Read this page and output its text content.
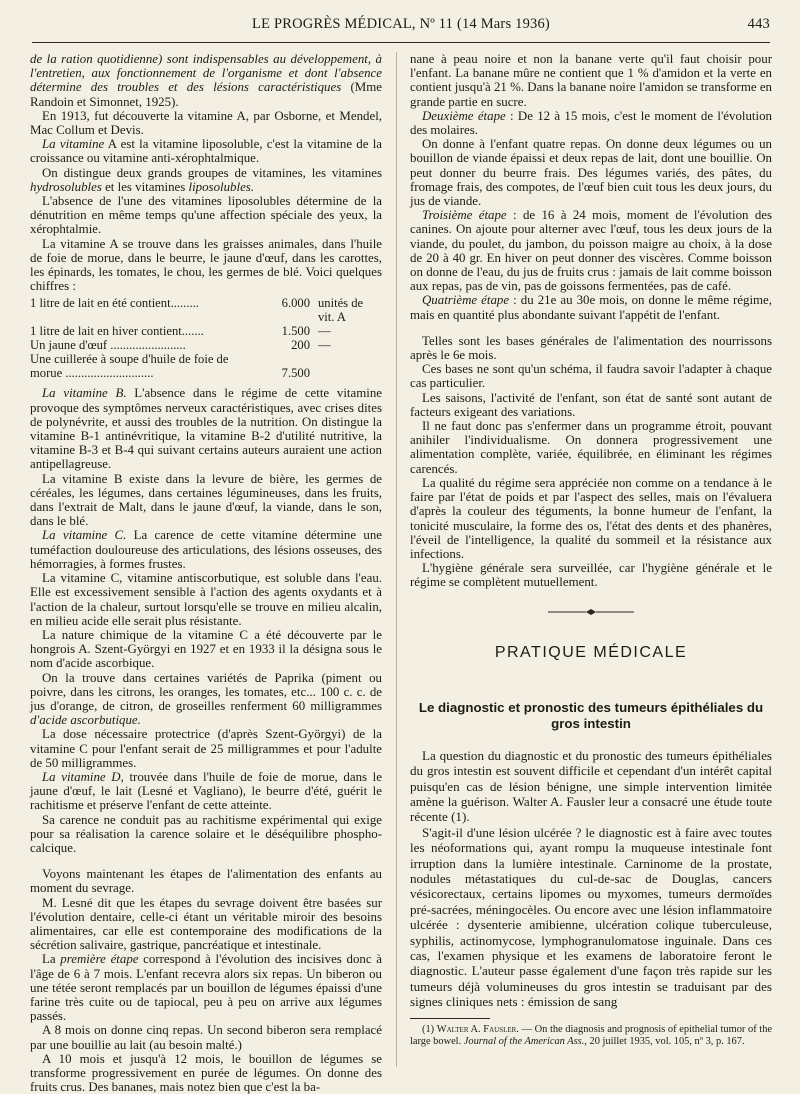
LE PROGRÈS MÉDICAL, Nº 11 (14 Mars 1936)	443

de la ration quotidienne) sont indispensables au développement, à l'entretien, aux fonctionnement de l'organisme et dont l'absence détermine des troubles et des lésions caractéristiques (Mme Randoin et Simonnet, 1925).

En 1913, fut découverte la vitamine A, par Osborne, et Mendel, Mac Collum et Devis.

La vitamine A est la vitamine liposoluble, c'est la vitamine de la croissance ou vitamine anti-xérophtalmique.

On distingue deux grands groupes de vitamines, les vitamines hydrosolubles et les vitamines liposolubles.

L'absence de l'une des vitamines liposolubles détermine de la dénutrition en même temps qu'une affection spéciale des yeux, la xérophtalmie.

La vitamine A se trouve dans les graisses animales, dans l'huile de foie de morue, dans le beurre, le jaune d'œuf, dans les carottes, les épinards, les tomates, le chou, les germes de blé. Voici quelques chiffres :

1 litre de lait en été contient.........	6.000	unités de vit. A
1 litre de lait en hiver contient.......	1.500	—
Un jaune d'œuf ........................	200	—
Une cuillerée à soupe d'huile de foie de morue ............................	7.500	

La vitamine B. L'absence dans le régime de cette vitamine provoque des symptômes nerveux caractéristiques, avec crises dites de polynévrite, et aussi des troubles de la nutrition. On distingue la vitamine B-1 antinévritique, la vitamine B-2 d'utilité nutritive, la vitamine B-3 et B-4 qui suivant certains auteurs auraient une action antipellagreuse.

La vitamine B existe dans la levure de bière, les germes de céréales, les légumes, dans certaines légumineuses, dans les fruits, dans l'extrait de Malt, dans le jaune d'œuf, la viande, dans le son, dans le blé.

La vitamine C. La carence de cette vitamine détermine une tuméfaction douloureuse des articulations, des lésions osseuses, des hémorragies, à formes frustes.

La vitamine C, vitamine antiscorbutique, est soluble dans l'eau. Elle est excessivement sensible à l'action des agents oxydants et à l'action de la chaleur, surtout lorsqu'elle se trouve en milieu alcalin, en milieu acide elle serait plus résistante.

La nature chimique de la vitamine C a été découverte par le hongrois A. Szent-Györgyi en 1927 et en 1933 il la désigna sous le nom d'acide ascorbique.

On la trouve dans certaines variétés de Paprika (piment ou poivre, dans les citrons, les oranges, les tomates, etc... 100 c. c. de jus d'orange, de citron, de groseilles renferment 60 milligrammes d'acide ascorbutique.

La dose nécessaire protectrice (d'après Szent-Györgyi) de la vitamine C pour l'enfant serait de 25 milligrammes et pour l'adulte de 50 milligrammes.

La vitamine D, trouvée dans l'huile de foie de morue, dans le jaune d'œuf, le lait (Lesné et Vagliano), le beurre d'été, guérit le rachitisme et préserve l'enfant de cette atteinte.

Sa carence ne conduit pas au rachitisme expérimental qui exige pour sa réalisation la carence solaire et le déséquilibre phospho-calcique.

Voyons maintenant les étapes de l'alimentation des enfants au moment du sevrage.

M. Lesné dit que les étapes du sevrage doivent être basées sur l'évolution dentaire, celle-ci étant un véritable miroir des besoins alimentaires, car elle est contemporaine des modifications de la sécrétion salivaire, gastrique, pancréatique et intestinale.

La première étape correspond à l'évolution des incisives donc à l'âge de 6 à 7 mois. L'enfant recevra alors six repas. Un biberon ou une tétée seront remplacés par un bouillon de légumes épaissi d'une farine très cuite ou de tapiocal, peu à peu on arrive aux légumes passés.

A 8 mois on donne cinq repas. Un second biberon sera remplacé par une bouillie au lait (au besoin malté.)

A 10 mois et jusqu'à 12 mois, le bouillon de légumes se transforme progressivement en purée de légumes. On donne des fruits crus. Des bananes, mais notez bien que c'est la ba-

nane à peau noire et non la banane verte qu'il faut choisir pour l'enfant. La banane mûre ne contient que 1 % d'amidon et la verte en contient jusqu'à 21 %. Dans la banane noire l'amidon se transforme en grande partie en sucre.

Deuxième étape : De 12 à 15 mois, c'est le moment de l'évolution des molaires.

On donne à l'enfant quatre repas. On donne deux légumes ou un bouillon de viande épaissi et deux repas de lait, dont une bouillie. On peut donner du beurre frais. Des légumes variés, des pâtes, du fromage frais, des compotes, de l'œuf bien cuit tous les deux jours, du jus de viande.

Troisième étape : de 16 à 24 mois, moment de l'évolution des canines. On ajoute pour alterner avec l'œuf, tous les deux jours de la viande, du poulet, du jambon, du poisson maigre au choix, à la dose de 20 à 40 gr. En hiver on peut donner des viscères. Comme boisson on donne de l'eau, du jus de fruits crus : jamais de lait comme boisson aux repas, pas de vin, pas de goissons fermentées, pas de café.

Quatrième étape : du 21e au 30e mois, on donne le même régime, mais en quantité plus abondante suivant l'appétit de l'enfant.

Telles sont les bases générales de l'alimentation des nourrissons après le 6e mois.

Ces bases ne sont qu'un schéma, il faudra savoir l'adapter à chaque cas particulier.

Les saisons, l'activité de l'enfant, son état de santé sont autant de facteurs exigeant des variations.

Il ne faut donc pas s'enfermer dans un programme étroit, pouvant anihiler l'individualisme. On donnera progressivement une alimentation complète, variée, équilibrée, en éliminant les régimes carencés.

La qualité du régime sera appréciée non comme on a tendance à le faire par l'état de poids et par l'aspect des selles, mais on l'évaluera d'après la couleur des téguments, la bonne humeur de l'enfant, la tonicité musculaire, la forme des os, l'état des dents et des phanères, l'éveil de l'intelligence, la qualité du sommeil et la résistance aux infections.

L'hygiène générale sera surveillée, car l'hygiène générale et le régime se complètent mutuellement.

PRATIQUE MÉDICALE
Le diagnostic et pronostic des tumeurs épithéliales du gros intestin

La question du diagnostic et du pronostic des tumeurs épithéliales du gros intestin est souvent difficile et cependant d'un intérêt capital puisqu'en cas de lésion bénigne, une simple intervention limitée amène la guérison. Walter A. Fausler leur a consacré une étude toute récente (1).

S'agit-il d'une lésion ulcérée ? le diagnostic est à faire avec toutes les néoformations qui, ayant rompu la muqueuse intestinale font irruption dans la lumière intestinale. Carninome de la prostate, nodules métastatiques du cul-de-sac de Douglas, cancers vésicorectaux, certains lipomes ou myxomes, tumeurs dermoïdes pré-sacrées, méningocèles. Ou encore avec une lésion inflammatoire ulcérée : dysenterie amibienne, ulcération colique tuberculeuse, syphilis, actinomycose, lymphogranulomatose inguinale. Dans ces cas, l'examen physique et les examens de laboratoire feront le diagnostic. L'auteur passe également d'une façon très rapide sur les tumeurs déjà volumineuses du gros intestin se traduisant par des signes cliniques nets : émission de sang

(1) Walter A. Fausler. — On the diagnosis and prognosis of epithelial tumor of the large bowel. Journal of the American Ass., 20 juillet 1935, vol. 105, nº 3, p. 167.
